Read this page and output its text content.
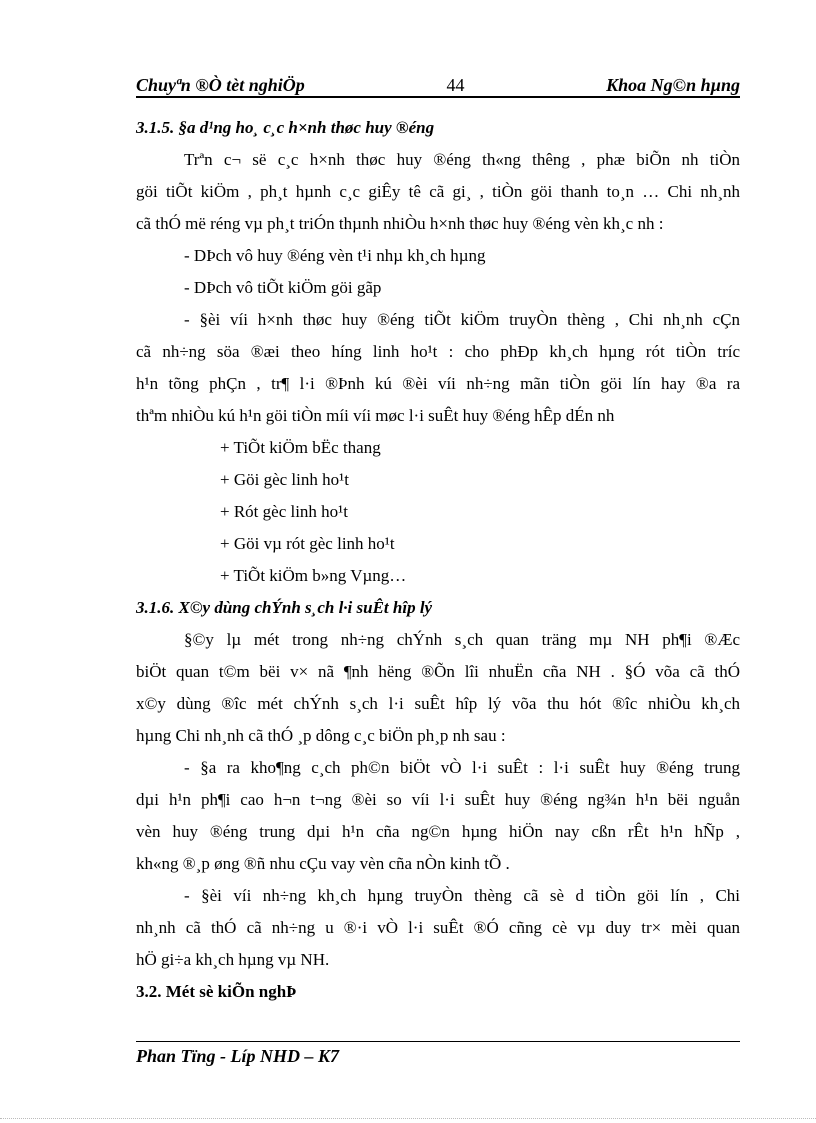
Chuyªn ®Ò tèt nghiÖp	44	Khoa Ng©n hµng
3.1.5. §a d¹ng ho¸ c¸c h×nh thøc huy ®éng

Trªn c¬ së c¸c h×nh thøc huy ®éng th«ng thêng , phæ biÕn nh tiÒn

göi tiÕt kiÖm , ph¸t hµnh c¸c giÊy tê cã gi¸ , tiÒn göi thanh to¸n … Chi nh¸nh

cã thÓ më réng vµ ph¸t triÓn thµnh nhiÒu h×nh thøc huy ®éng vèn kh¸c nh :

- DÞch vô huy ®éng vèn t¹i nhµ kh¸ch hµng

- DÞch vô tiÕt kiÖm göi gãp

- §èi víi h×nh thøc huy ®éng tiÕt kiÖm truyÒn thèng , Chi nh¸nh cÇn

cã nh÷ng söa ®æi theo híng linh ho¹t : cho phÐp kh¸ch hµng rót tiÒn tríc

h¹n tõng phÇn , tr¶ l·i ®Þnh kú ®èi víi nh÷ng mãn tiÒn göi lín hay ®a ra

thªm nhiÒu kú h¹n göi tiÒn míi víi møc l·i suÊt huy ®éng hÊp dÉn nh

+ TiÕt kiÖm bËc thang

+ Göi gèc linh ho¹t

+ Rót gèc linh ho¹t

+ Göi vµ rót gèc linh ho¹t

+ TiÕt kiÖm b»ng Vµng…

3.1.6. X©y dùng chÝnh s¸ch l·i suÊt hîp lý

§©y lµ mét trong nh÷ng chÝnh s¸ch quan träng mµ NH ph¶i ®Æc

biÖt quan t©m bëi v× nã ¶nh hëng ®Õn lîi nhuËn cña NH . §Ó võa cã thÓ

x©y dùng ®îc mét chÝnh s¸ch l·i suÊt hîp lý võa thu hót ®îc nhiÒu kh¸ch

hµng Chi nh¸nh cã thÓ ¸p dông c¸c biÖn ph¸p nh sau :

- §a ra kho¶ng c¸ch ph©n biÖt vÒ l·i suÊt : l·i suÊt huy ®éng trung

dµi h¹n ph¶i cao h¬n t¬ng ®èi so víi l·i suÊt huy ®éng ng¾n h¹n bëi nguån

vèn huy ®éng trung dµi h¹n cña ng©n hµng hiÖn nay cßn rÊt h¹n hÑp ,

kh«ng ®¸p øng ®ñ nhu cÇu vay vèn cña nÒn kinh tÕ .

- §èi víi nh÷ng kh¸ch hµng truyÒn thèng cã sè d tiÒn göi lín , Chi

nh¸nh cã thÓ cã nh÷ng u ®·i vÒ l·i suÊt ®Ó cñng cè vµ duy tr× mèi quan

hÖ gi÷a kh¸ch hµng vµ NH.

3.2. Mét sè kiÕn nghÞ
Phan Tïng - Líp NHD – K7
